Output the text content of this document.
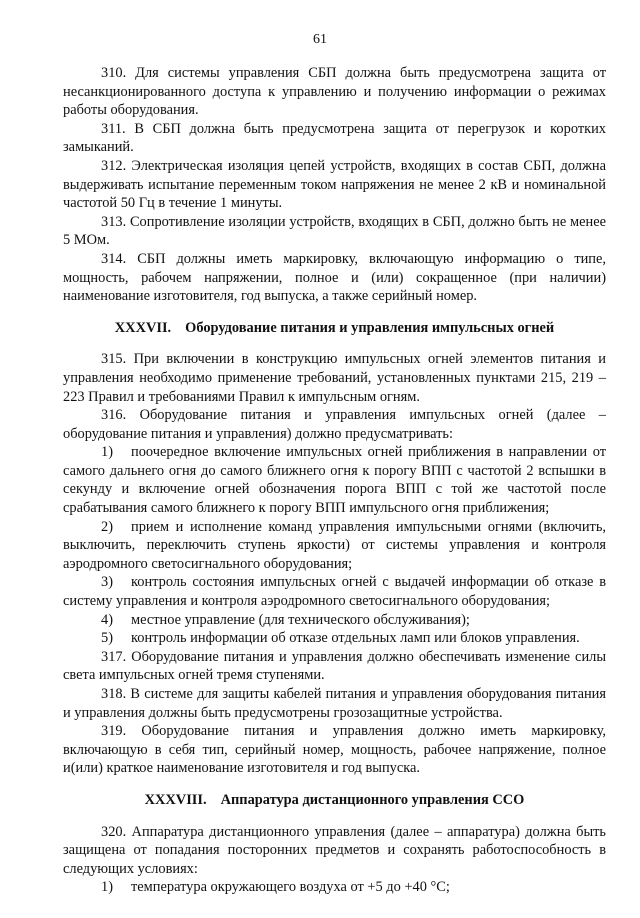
61

310. Для системы управления СБП должна быть предусмотрена защита от несанкционированного доступа к управлению и получению информации о режимах работы оборудования.

311. В СБП должна быть предусмотрена защита от перегрузок и коротких замыканий.

312. Электрическая изоляция цепей устройств, входящих в состав СБП, должна выдерживать испытание переменным током напряжения не менее 2 кВ и номинальной частотой 50 Гц в течение 1 минуты.

313. Сопротивление изоляции устройств, входящих в СБП, должно быть не менее 5 МОм.

314. СБП должны иметь маркировку, включающую информацию о типе, мощность, рабочем напряжении, полное и (или) сокращенное (при наличии) наименование изготовителя, год выпуска, а также серийный номер.

XXXVII. Оборудование питания и управления импульсных огней

315. При включении в конструкцию импульсных огней элементов питания и управления необходимо применение требований, установленных пунктами 215, 219 – 223 Правил и требованиями Правил к импульсным огням.

316. Оборудование питания и управления импульсных огней (далее – оборудование питания и управления) должно предусматривать:

1) поочередное включение импульсных огней приближения в направлении от самого дальнего огня до самого ближнего огня к порогу ВПП с частотой 2 вспышки в секунду и включение огней обозначения порога ВПП с той же частотой после срабатывания самого ближнего к порогу ВПП импульсного огня приближения;

2) прием и исполнение команд управления импульсными огнями (включить, выключить, переключить ступень яркости) от системы управления и контроля аэродромного светосигнального оборудования;

3) контроль состояния импульсных огней с выдачей информации об отказе в систему управления и контроля аэродромного светосигнального оборудования;

4) местное управление (для технического обслуживания);

5) контроль информации об отказе отдельных ламп или блоков управления.

317. Оборудование питания и управления должно обеспечивать изменение силы света импульсных огней тремя ступенями.

318. В системе для защиты кабелей питания и управления оборудования питания и управления должны быть предусмотрены грозозащитные устройства.

319. Оборудование питания и управления должно иметь маркировку, включающую в себя тип, серийный номер, мощность, рабочее напряжение, полное и(или) краткое наименование изготовителя и год выпуска.

XXXVIII. Аппаратура дистанционного управления ССО

320. Аппаратура дистанционного управления (далее – аппаратура) должна быть защищена от попадания посторонних предметов и сохранять работоспособность в следующих условиях:

1) температура окружающего воздуха от +5 до +40 °C;
